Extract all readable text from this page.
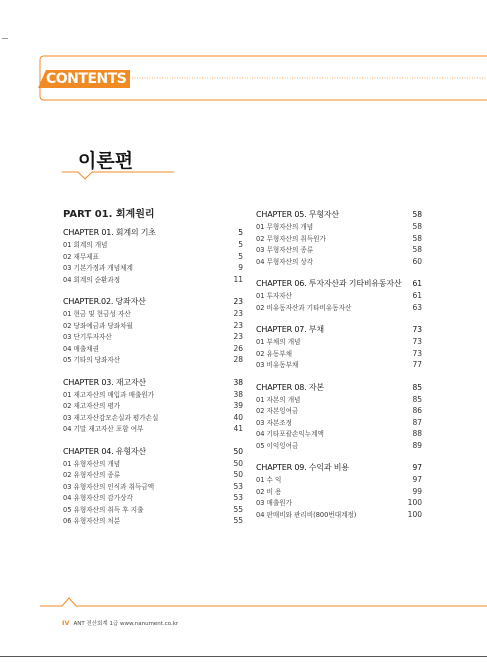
CONTENTS
이론편
PART 01. 회계원리
CHAPTER 01. 회계의 기초	5
01 회계의 개념	5
02 재무제표	5
03 기본가정과 개념체계	9
04 회계의 순환과정	11
CHAPTER.02. 당좌자산	23
01 현금 및 현금성 자산	23
02 당좌예금과 당좌차월	23
03 단기투자자산	23
04 매출채권	26
05 기타의 당좌자산	28
CHAPTER 03. 재고자산	38
01 재고자산의 매입과 매출원가	38
02 재고자산의 평가	39
03 재고자산감모손실과 평가손실	40
04 기말 재고자산 포함 여부	41
CHAPTER 04. 유형자산	50
01 유형자산의 개념	50
02 유형자산의 종류	50
03 유형자산의 인식과 취득금액	53
04 유형자산의 감가상각	53
05 유형자산의 취득 후 지출	55
06 유형자산의 처분	55
CHAPTER 05. 무형자산	58
01 무형자산의 개념	58
02 무형자산의 취득원가	58
03 무형자산의 종류	58
04 무형자산의 상각	60
CHAPTER 06. 투자자산과 기타비유동자산 61
01 투자자산	61
02 비유동자산과 기타비유동자산	63
CHAPTER 07. 부채	73
01 부채의 개념	73
02 유동부채	73
03 비유동부채	77
CHAPTER 08. 자본	85
01 자본의 개념	85
02 자본잉여금	86
03 자본조정	87
04 기타포괄손익누계액	88
05 이익잉여금	89
CHAPTER 09. 수익과 비용	97
01 수 익	97
02 비 용	99
03 매출원가	100
04 판매비와 관리비(800번대계정)	100
IV ANT 전산회계 1급 www.nanument.co.kr
